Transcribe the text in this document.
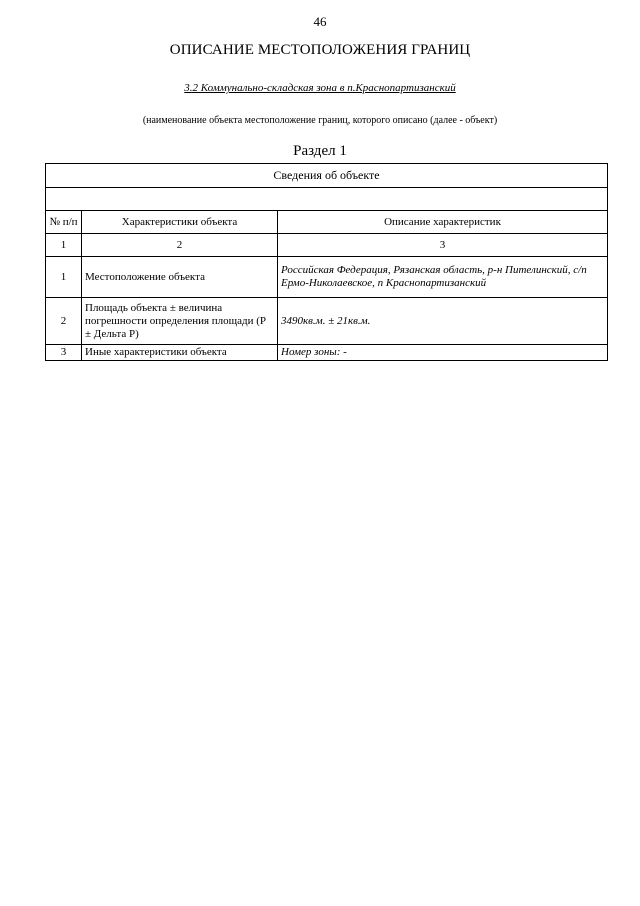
46
ОПИСАНИЕ МЕСТОПОЛОЖЕНИЯ ГРАНИЦ
3.2 Коммунально-складская зона в п.Краснопартизанский
(наименование объекта местоположение границ, которого описано (далее - объект)
Раздел 1
Сведения об объекте		

№ п/п	Характеристики объекта	Описание характеристик
1	2	3
1	Местоположение объекта	Российская Федерация, Рязанская область, р-н Пителинский, с/п Ермо-Николаевское, п Краснопартизанский
2	Площадь объекта ± величина погрешности определения площади (Р ± Дельта Р)	3490кв.м. ± 21кв.м.
3	Иные характеристики объекта	Номер зоны: -
